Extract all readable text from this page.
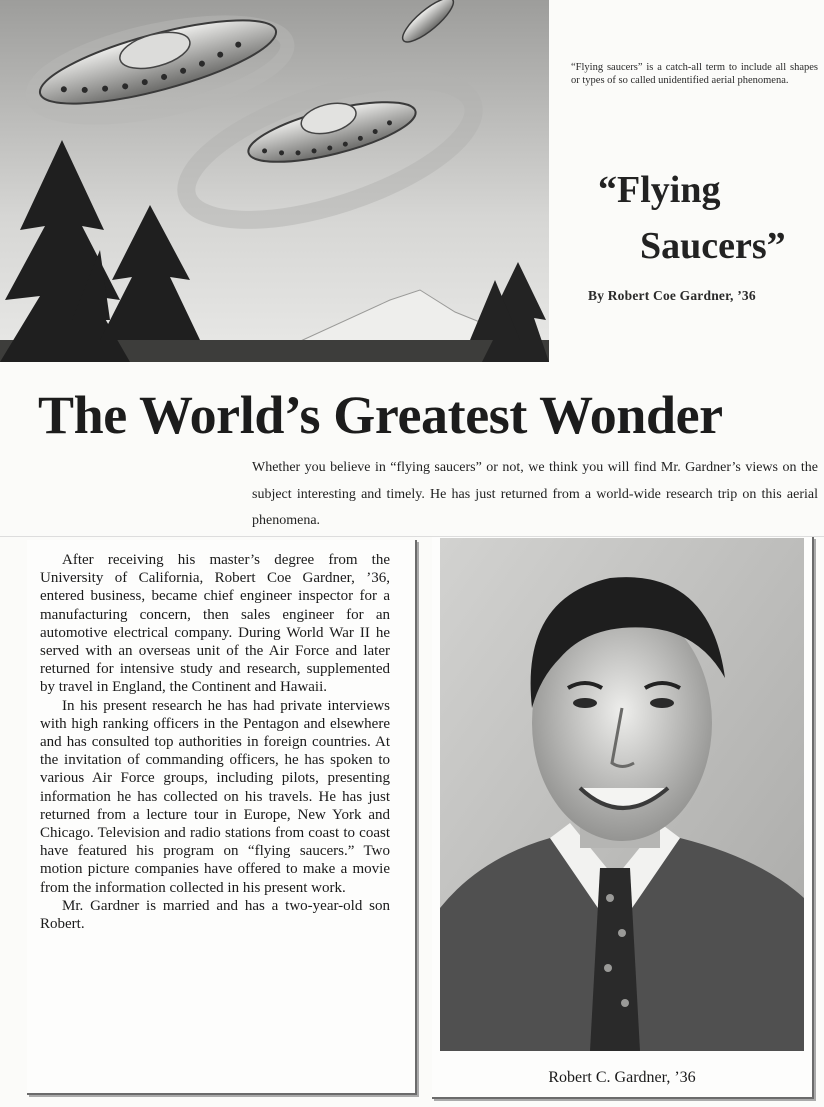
“Flying saucers” is a catch-all term to include all shapes or types of so called unidentified aerial phenomena.
“Flying
Saucers”
By Robert Coe Gardner, ’36
The World’s Greatest Wonder
Whether you believe in “flying saucers” or not, we think you will find Mr. Gardner’s views on the subject interesting and timely. He has just returned from a world-wide research trip on this aerial phenomena.

After receiving his master’s degree from the University of California, Robert Coe Gardner, ’36, entered business, became chief engineer inspector for a manufacturing concern, then sales engineer for an automotive electrical company. During World War II he served with an overseas unit of the Air Force and later returned for intensive study and research, supplemented by travel in England, the Continent and Hawaii.

In his present research he has had private interviews with high ranking officers in the Pentagon and elsewhere and has consulted top authorities in foreign countries. At the invitation of commanding officers, he has spoken to various Air Force groups, including pilots, presenting information he has collected on his travels. He has just returned from a lecture tour in Europe, New York and Chicago. Television and radio stations from coast to coast have featured his program on “flying saucers.” Two motion picture companies have offered to make a movie from the information collected in his present work.

Mr. Gardner is married and has a two-year-old son Robert.

Robert C. Gardner, ’36
